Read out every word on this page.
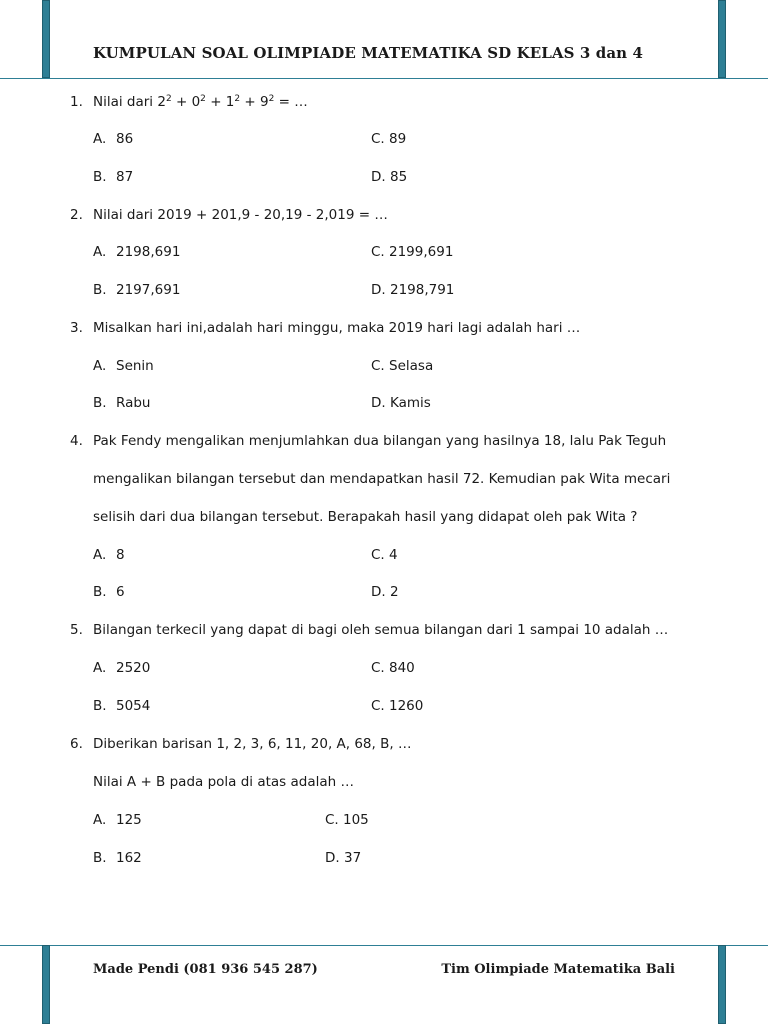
KUMPULAN SOAL OLIMPIADE MATEMATIKA SD KELAS 3 dan 4
1. Nilai dari $2^2 + 0^2 + 1^2 + 9^2$ = …
A. 86	C. 89
B. 87	D. 85
2. Nilai dari 2019 + 201,9 - 20,19 - 2,019 = …
A. 2198,691	C. 2199,691
B. 2197,691	D. 2198,791
3. Misalkan hari ini,adalah hari minggu, maka 2019 hari lagi adalah hari …
A. Senin	C. Selasa
B. Rabu	D. Kamis
4. Pak Fendy mengalikan menjumlahkan dua bilangan yang hasilnya 18, lalu Pak Teguh
mengalikan bilangan tersebut dan mendapatkan hasil 72. Kemudian pak Wita mecari
selisih dari dua bilangan tersebut. Berapakah hasil yang didapat oleh pak Wita ?
A. 8	C. 4
B. 6	D. 2
5. Bilangan terkecil yang dapat di bagi oleh semua bilangan dari 1 sampai 10 adalah …
A. 2520	C. 840
B. 5054	C. 1260
6. Diberikan barisan 1, 2, 3, 6, 11, 20, A, 68, B, …
Nilai A + B pada pola di atas adalah …
A. 125	C. 105
B. 162	D. 37
Made Pendi (081 936 545 287)	Tim Olimpiade Matematika Bali
